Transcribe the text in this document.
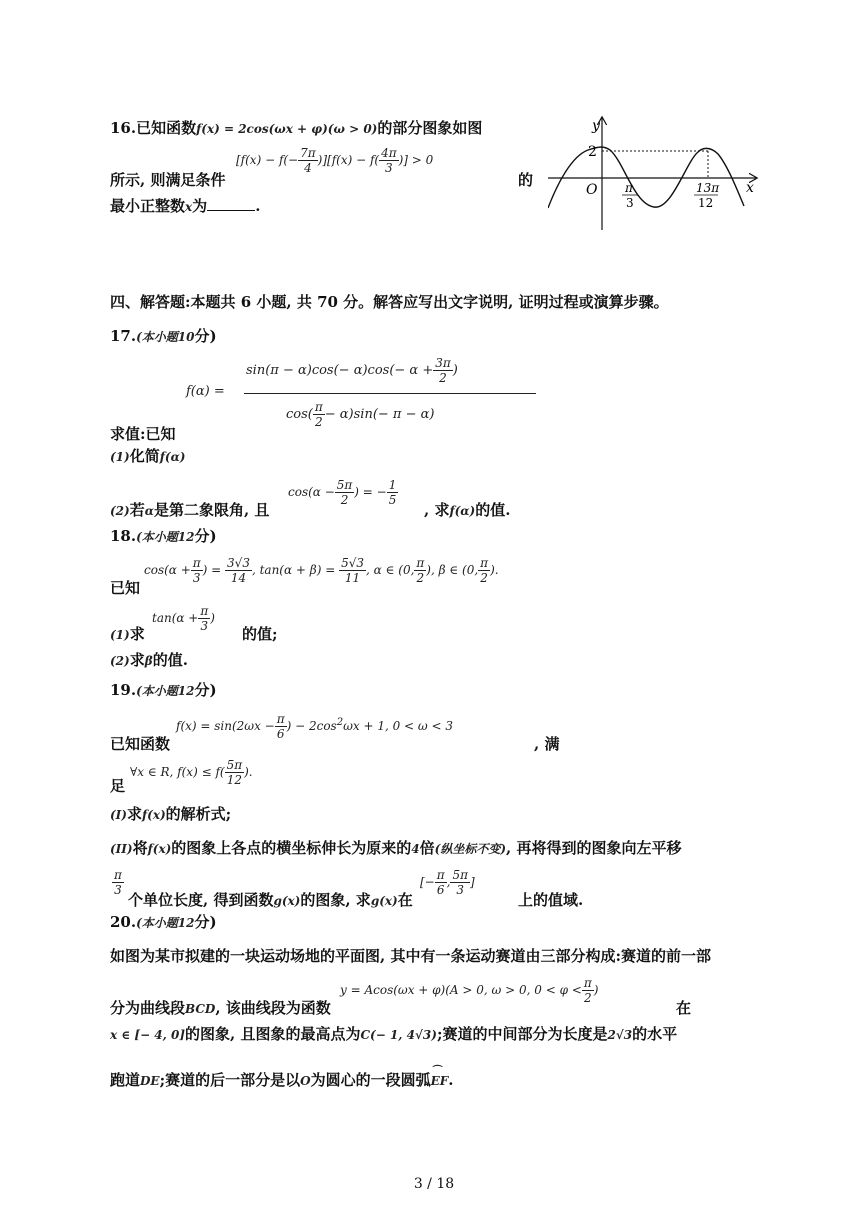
16.已知函数f(x) = 2cos(ωx + φ)(ω > 0)的部分图象如图
所示, 则满足条件
$[f(x) - f(- \frac{7\pi}{4} )][f(x) - f( \frac{4\pi}{3}$ )] > 0
的
最小正整数x为	.
y
x
2
O π
3
13π
12
四、解答题:本题共 6 小题, 共 70 分。解答应写出文字说明, 证明过程或演算步骤。
17.(本小题10分)
f(α) =
$\sin(\pi - \alpha)\cos(- \alpha)\cos(- \alpha + \frac{3\pi}{2}$ )
$\cos( \frac{\pi}{2} - \alpha)\sin(- \pi - \alpha)$
求值:已知
(1)化简f(α)
(2)若α是第二象限角, 且
$\cos(\alpha - \frac{5\pi}{2}$ ) = − $\frac{1}{5}$
, 求f(α)的值.
18.(本小题12分)
已知
$\cos(\alpha + \frac{\pi}{3}$ ) = $\frac{3√3}{14}$ , $\tan(\alpha + \beta) = \frac{5√3}{11}$ , α ∈ (0, $\frac{\pi}{2}$ ), β ∈ (0, $\frac{\pi}{2}$ ).
(1)求
$\tan(\alpha + \frac{\pi}{3}$ )
的值;
(2)求β的值.
19.(本小题12分)
已知函数
$f(x) = \sin(2\omega x - \frac{\pi}{6}$ ) − $2\cos^2\omega x + 1$, 0 < ω < 3
, 满
足
∀x ∈ R, $f(x) \le f( \frac{5\pi}{12}$ ).
(I)求f(x)的解析式;
(II)将f(x)的图象上各点的横坐标伸长为原来的4倍(纵坐标不变), 再将得到的图象向左平移
$\frac{\pi}{3}$
个单位长度, 得到函数g(x)的图象, 求g(x)在
[− $\frac{\pi}{6}$ , $\frac{5\pi}{3}$ ]
上的值域.
20.(本小题12分)
如图为某市拟建的一块运动场地的平面图, 其中有一条运动赛道由三部分构成:赛道的前一部
分为曲线段BCD, 该曲线段为函数
y = Acos(ωx + φ)(A > 0, ω > 0, $0 < \varphi < \frac{\pi}{2}$ )
在
x ∈ [− 4, 0]的图象, 且图象的最高点为C(− 1, 4√3);赛道的中间部分为长度是2√3的水平
跑道DE;赛道的后一部分是以O为圆心的一段圆弧 ⌒
EF.
3 / 18
